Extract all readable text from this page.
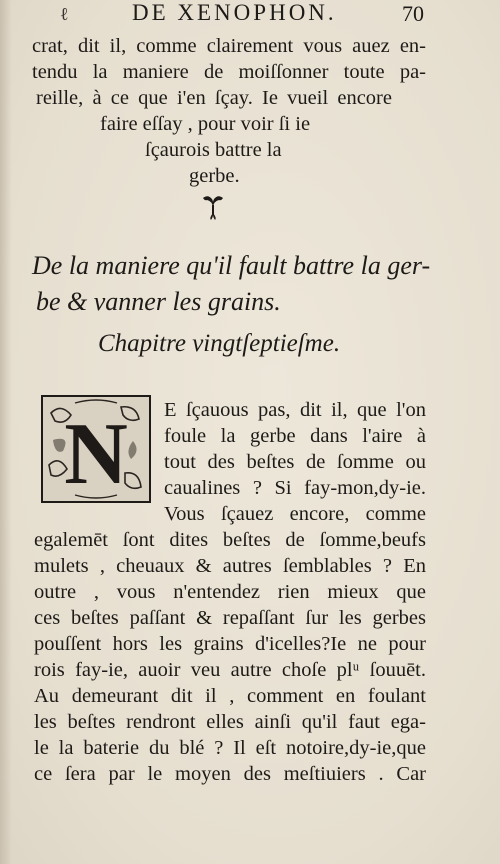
ℓ	DE XENOPHON.	70
crat, dit il, comme clairement vous auez en-
tendu la maniere de moiſſonner toute pa-
reille, à ce que i'en ſçay. Ie vueil encore
faire eſſay , pour voir ſi ie
ſçaurois battre la
gerbe.
De la maniere qu'il fault battre la ger-
be & vanner les grains.
Chapitre vingtſeptieſme.
N E ſçauous pas, dit il, que l'on
foule la gerbe dans l'aire à
tout des beſtes de ſomme ou
caualines ? Si fay-mon,dy-ie.
Vous ſçauez encore, comme
egalemēt ſont dites beſtes de ſomme,beufs
mulets , cheuaux & autres ſemblables ? En
outre , vous n'entendez rien mieux que
ces beſtes paſſant & repaſſant ſur les gerbes
pouſſent hors les grains d'icelles?Ie ne pour
rois fay-ie, auoir veu autre choſe plᵘ ſouuēt.
Au demeurant dit il , comment en foulant
les beſtes rendront elles ainſi qu'il faut ega-
le la baterie du blé ? Il eſt notoire,dy-ie,que
ce ſera par le moyen des meſtiuiers . Car
